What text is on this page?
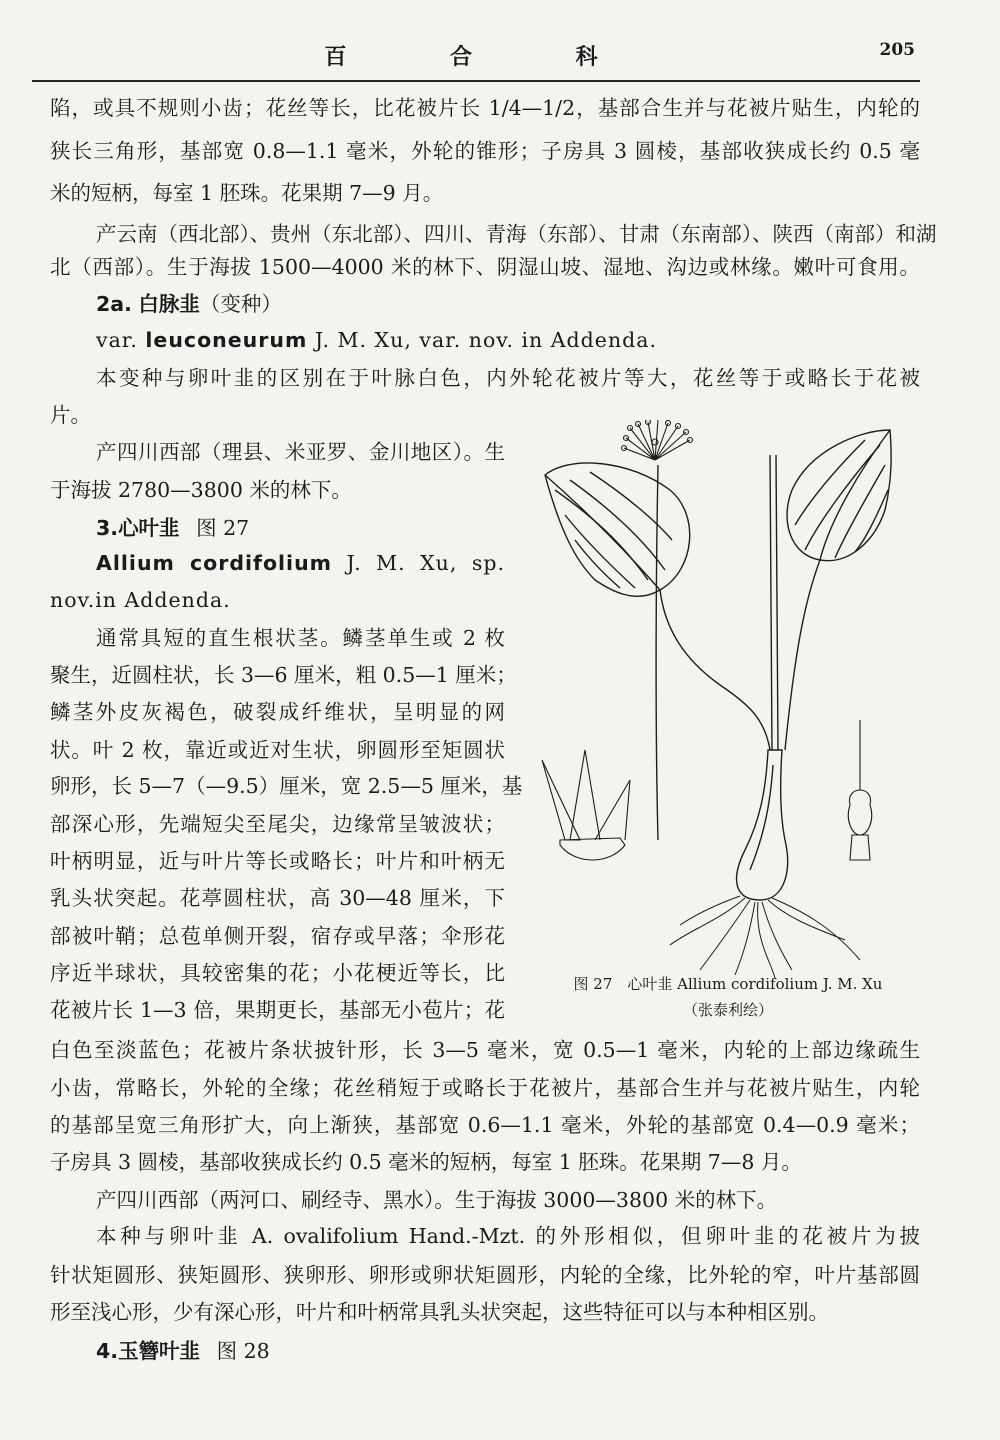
百 合 科	205
陷，或具不规则小齿；花丝等长，比花被片长 1/4—1/2，基部合生并与花被片贴生，内轮的
狭长三角形，基部宽 0.8—1.1 毫米，外轮的锥形；子房具 3 圆棱，基部收狭成长约 0.5 毫
米的短柄，每室 1 胚珠。花果期 7—9 月。
产云南（西北部）、贵州（东北部）、四川、青海（东部）、甘肃（东南部）、陕西（南部）和湖
北（西部）。生于海拔 1500—4000 米的林下、阴湿山坡、湿地、沟边或林缘。嫩叶可食用。
2a. 白脉韭（变种）
var. leuconeurum J. M. Xu, var. nov. in Addenda.
本变种与卵叶韭的区别在于叶脉白色，内外轮花被片等大，花丝等于或略长于花被
片。
产四川西部（理县、米亚罗、金川地区）。生
于海拔 2780—3800 米的林下。
3.心叶韭 图 27
Allium cordifolium J. M. Xu, sp.
nov.in Addenda.
通常具短的直生根状茎。鳞茎单生或 2 枚
聚生，近圆柱状，长 3—6 厘米，粗 0.5—1 厘米；
鳞茎外皮灰褐色，破裂成纤维状，呈明显的网
状。叶 2 枚，靠近或近对生状，卵圆形至矩圆状
卵形，长 5—7（—9.5）厘米，宽 2.5—5 厘米，基
部深心形，先端短尖至尾尖，边缘常呈皱波状；
叶柄明显，近与叶片等长或略长；叶片和叶柄无
乳头状突起。花葶圆柱状，高 30—48 厘米，下
部被叶鞘；总苞单侧开裂，宿存或早落；伞形花
序近半球状，具较密集的花；小花梗近等长，比
花被片长 1—3 倍，果期更长，基部无小苞片；花
图 27　心叶韭 Allium cordifolium J. M. Xu
（张泰利绘）
白色至淡蓝色；花被片条状披针形，长 3—5 毫米，宽 0.5—1 毫米，内轮的上部边缘疏生
小齿，常略长，外轮的全缘；花丝稍短于或略长于花被片，基部合生并与花被片贴生，内轮
的基部呈宽三角形扩大，向上渐狭，基部宽 0.6—1.1 毫米，外轮的基部宽 0.4—0.9 毫米；
子房具 3 圆棱，基部收狭成长约 0.5 毫米的短柄，每室 1 胚珠。花果期 7—8 月。
产四川西部（两河口、刷经寺、黑水）。生于海拔 3000—3800 米的林下。
本种与卵叶韭 A. ovalifolium Hand.-Mzt. 的外形相似，但卵叶韭的花被片为披
针状矩圆形、狭矩圆形、狭卵形、卵形或卵状矩圆形，内轮的全缘，比外轮的窄，叶片基部圆
形至浅心形，少有深心形，叶片和叶柄常具乳头状突起，这些特征可以与本种相区别。
4.玉簪叶韭 图 28
